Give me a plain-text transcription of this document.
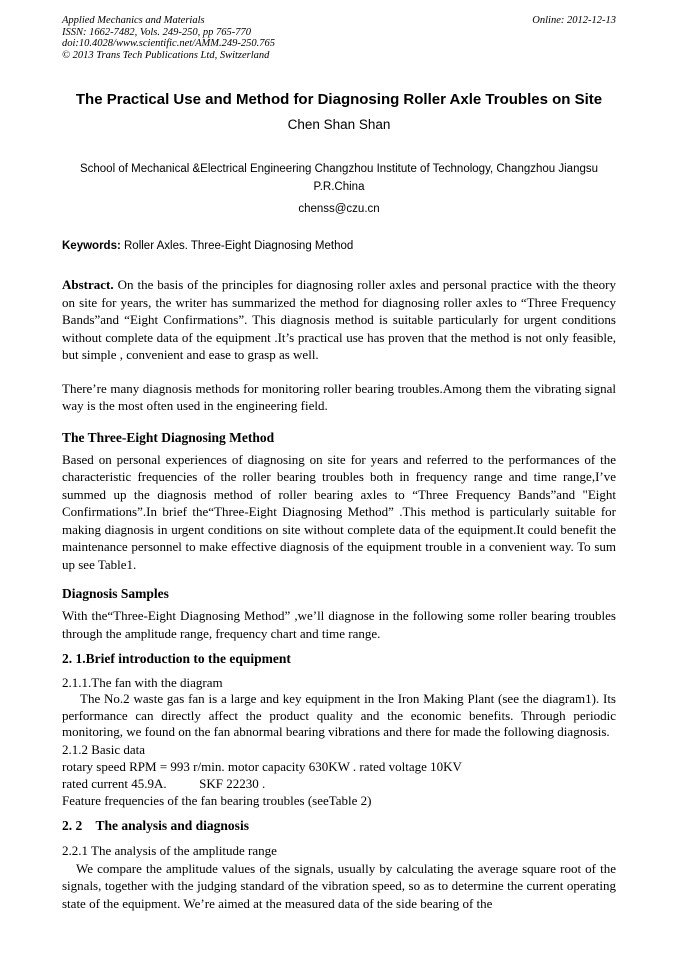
Applied Mechanics and Materials
ISSN: 1662-7482, Vols. 249-250, pp 765-770
doi:10.4028/www.scientific.net/AMM.249-250.765
© 2013 Trans Tech Publications Ltd, Switzerland
Online: 2012-12-13
The Practical Use and Method for Diagnosing Roller Axle Troubles on Site
Chen Shan Shan
School of Mechanical &Electrical Engineering Changzhou Institute of Technology, Changzhou Jiangsu P.R.China
chenss@czu.cn
Keywords: Roller Axles. Three-Eight Diagnosing Method

Abstract. On the basis of the principles for diagnosing roller axles and personal practice with the theory on site for years, the writer has summarized the method for diagnosing roller axles to “Three Frequency Bands”and “Eight Confirmations”. This diagnosis method is suitable particularly for urgent conditions without complete data of the equipment .It’s practical use has proven that the method is not only feasible, but simple , convenient and ease to grasp as well.

There’re many diagnosis methods for monitoring roller bearing troubles.Among them the vibrating signal way is the most often used in the engineering field.

The Three-Eight Diagnosing Method

Based on personal experiences of diagnosing on site for years and referred to the performances of the characteristic frequencies of the roller bearing troubles both in frequency range and time range,I’ve summed up the diagnosis method of roller bearing axles to “Three Frequency Bands”and "Eight Confirmations”.In brief the“Three-Eight Diagnosing Method” .This method is particularly suitable for making diagnosis in urgent conditions on site without complete data of the equipment.It could benefit the maintenance personnel to make effective diagnosis of the equipment trouble in a convenient way. To sum up see Table1.

Diagnosis Samples

With the“Three-Eight Diagnosing Method” ,we’ll diagnose in the following some roller bearing troubles through the amplitude range, frequency chart and time range.

2. 1.Brief introduction to the equipment

2.1.1.The fan with the diagram

The No.2 waste gas fan is a large and key equipment in the Iron Making Plant (see the diagram1). Its performance can directly affect the product quality and the economic benefits. Through periodic monitoring, we found on the fan abnormal bearing vibrations and there for made the following diagnosis.

2.1.2 Basic data

rotary speed RPM = 993 r/min. motor capacity 630KW . rated voltage 10KV

rated current 45.9A.          SKF 22230 .

Feature frequencies of the fan bearing troubles (seeTable 2)

2. 2    The analysis and diagnosis

2.2.1 The analysis of the amplitude range

We compare the amplitude values of the signals, usually by calculating the average square root of the signals, together with the judging standard of the vibration speed, so as to determine the current operating state of the equipment. We’re aimed at the measured data of the side bearing of the
